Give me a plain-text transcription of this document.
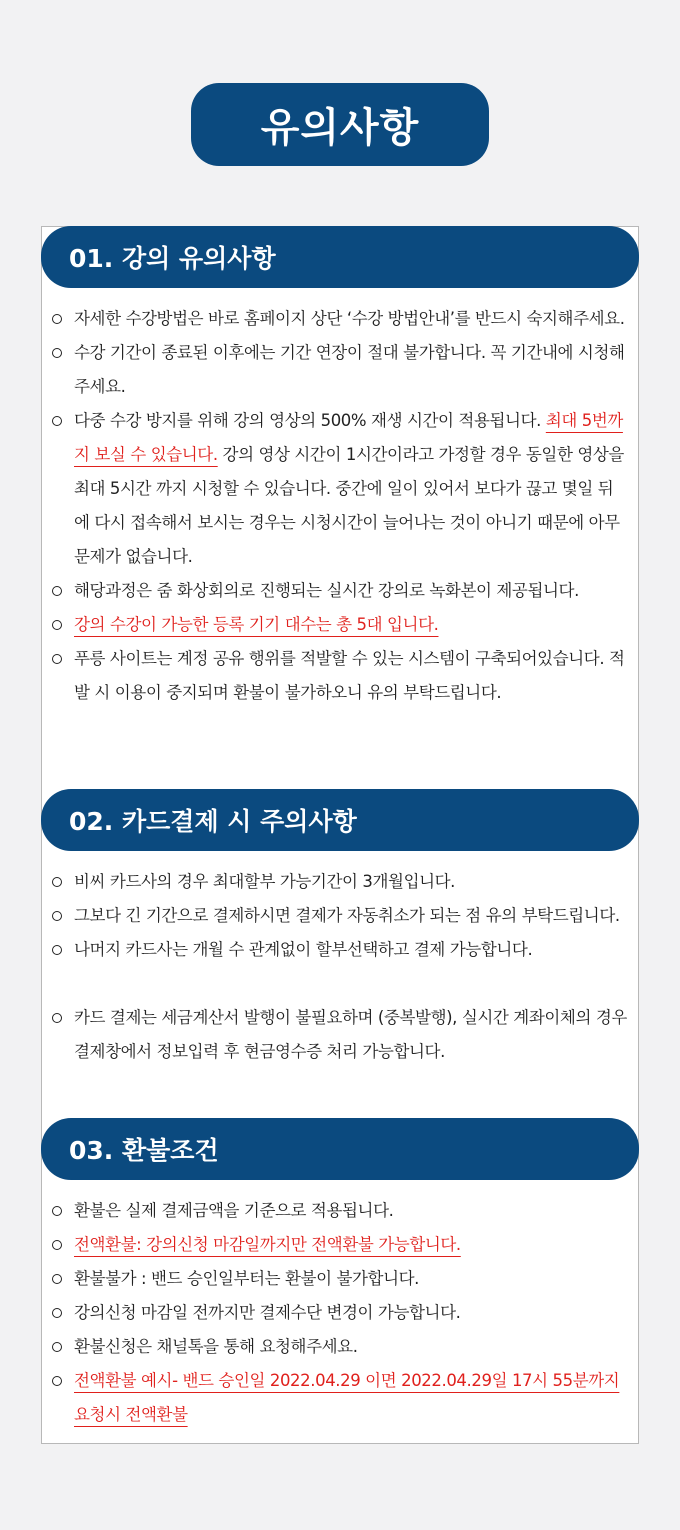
유의사항
01. 강의 유의사항
자세한 수강방법은 바로 홈페이지 상단 ‘수강 방법안내’를 반드시 숙지해주세요.
수강 기간이 종료된 이후에는 기간 연장이 절대 불가합니다. 꼭 기간내에 시청해주세요.
다중 수강 방지를 위해 강의 영상의 500% 재생 시간이 적용됩니다. 최대 5번까지 보실 수 있습니다. 강의 영상 시간이 1시간이라고 가정할 경우 동일한 영상을 최대 5시간 까지 시청할 수 있습니다. 중간에 일이 있어서 보다가 끊고 몇일 뒤에 다시 접속해서 보시는 경우는 시청시간이 늘어나는 것이 아니기 때문에 아무 문제가 없습니다.
해당과정은 줌 화상회의로 진행되는 실시간 강의로 녹화본이 제공됩니다.
강의 수강이 가능한 등록 기기 대수는 총 5대 입니다.
푸릉 사이트는 계정 공유 행위를 적발할 수 있는 시스템이 구축되어있습니다. 적발 시 이용이 중지되며 환불이 불가하오니 유의 부탁드립니다.
02. 카드결제 시 주의사항
비씨 카드사의 경우 최대할부 가능기간이 3개월입니다.
그보다 긴 기간으로 결제하시면 결제가 자동취소가 되는 점 유의 부탁드립니다.
나머지 카드사는 개월 수 관계없이 할부선택하고 결제 가능합니다.
카드 결제는 세금계산서 발행이 불필요하며 (중복발행), 실시간 계좌이체의 경우 결제창에서 정보입력 후 현금영수증 처리 가능합니다.
03. 환불조건
환불은 실제 결제금액을 기준으로 적용됩니다.
전액환불: 강의신청 마감일까지만 전액환불 가능합니다.
환불불가 : 밴드 승인일부터는 환불이 불가합니다.
강의신청 마감일 전까지만 결제수단 변경이 가능합니다.
환불신청은 채널톡을 통해 요청해주세요.
전액환불 예시- 밴드 승인일 2022.04.29 이면 2022.04.29일 17시 55분까지 요청시 전액환불
